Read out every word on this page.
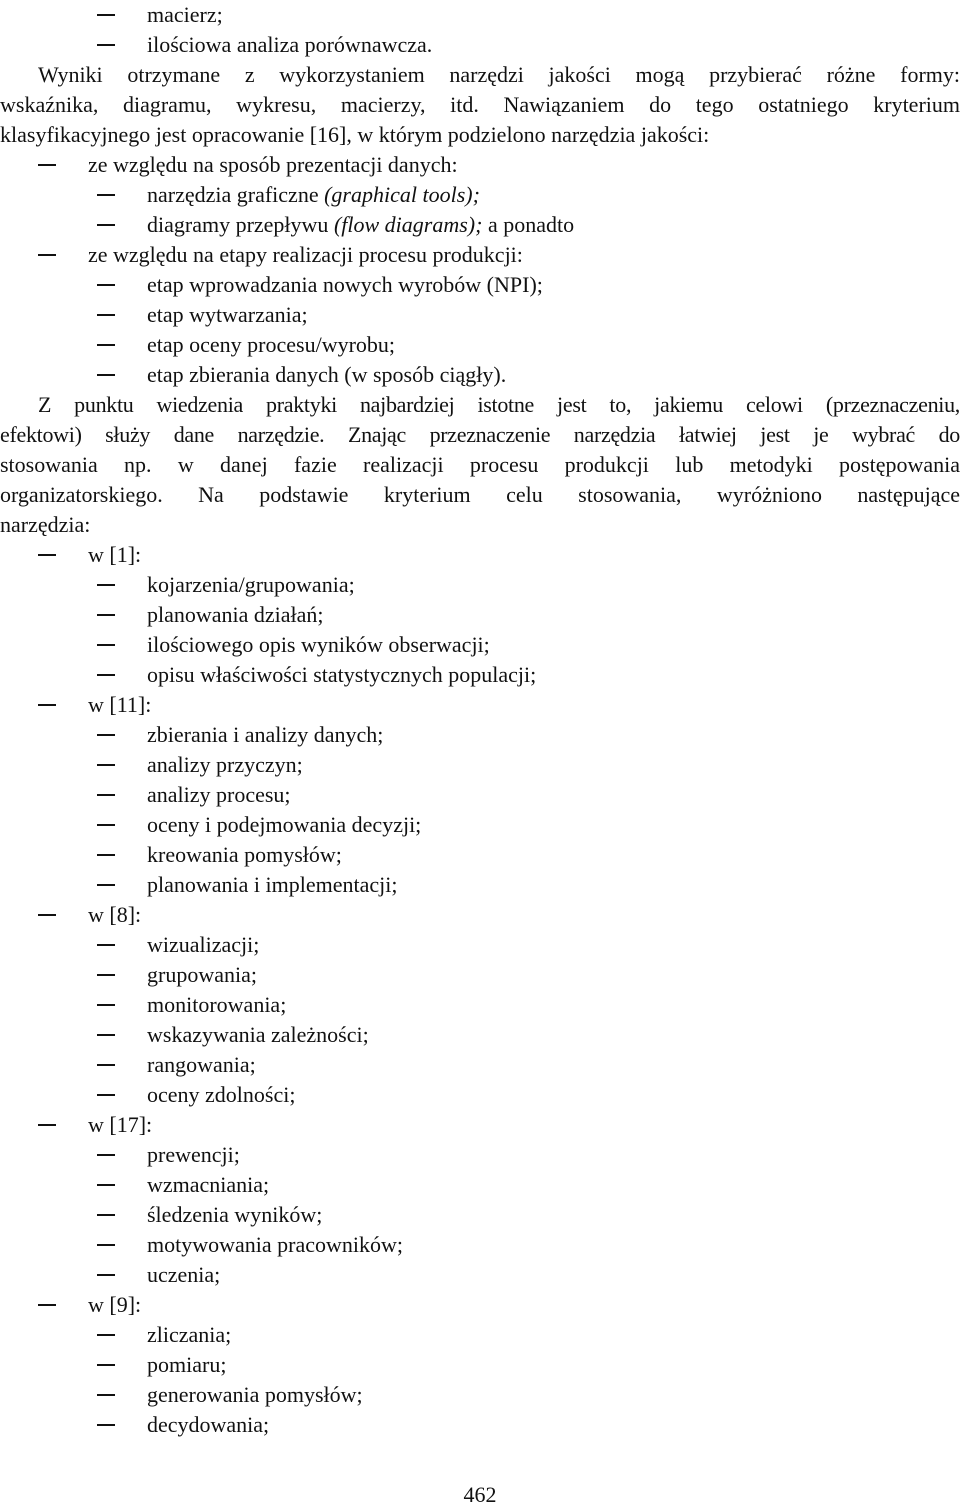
macierz;
ilościowa analiza porównawcza.
Wyniki otrzymane z wykorzystaniem narzędzi jakości mogą przybierać różne formy:
wskaźnika, diagramu, wykresu, macierzy, itd. Nawiązaniem do tego ostatniego kryterium
klasyfikacyjnego jest opracowanie [16], w którym podzielono narzędzia jakości:
ze względu na sposób prezentacji danych:
narzędzia graficzne (graphical tools);
diagramy przepływu (flow diagrams); a ponadto
ze względu na etapy realizacji procesu produkcji:
etap wprowadzania nowych wyrobów (NPI);
etap wytwarzania;
etap oceny procesu/wyrobu;
etap zbierania danych (w sposób ciągły).
Z punktu wiedzenia praktyki najbardziej istotne jest to, jakiemu celowi (przeznaczeniu,
efektowi) służy dane narzędzie. Znając przeznaczenie narzędzia łatwiej jest je wybrać do
stosowania np. w danej fazie realizacji procesu produkcji lub metodyki postępowania
organizatorskiego. Na podstawie kryterium celu stosowania, wyróżniono następujące
narzędzia:
w [1]:
kojarzenia/grupowania;
planowania działań;
ilościowego opis wyników obserwacji;
opisu właściwości statystycznych populacji;
w [11]:
zbierania i analizy danych;
analizy przyczyn;
analizy procesu;
oceny i podejmowania decyzji;
kreowania pomysłów;
planowania i implementacji;
w [8]:
wizualizacji;
grupowania;
monitorowania;
wskazywania zależności;
rangowania;
oceny zdolności;
w [17]:
prewencji;
wzmacniania;
śledzenia wyników;
motywowania pracowników;
uczenia;
w [9]:
zliczania;
pomiaru;
generowania pomysłów;
decydowania;
462
